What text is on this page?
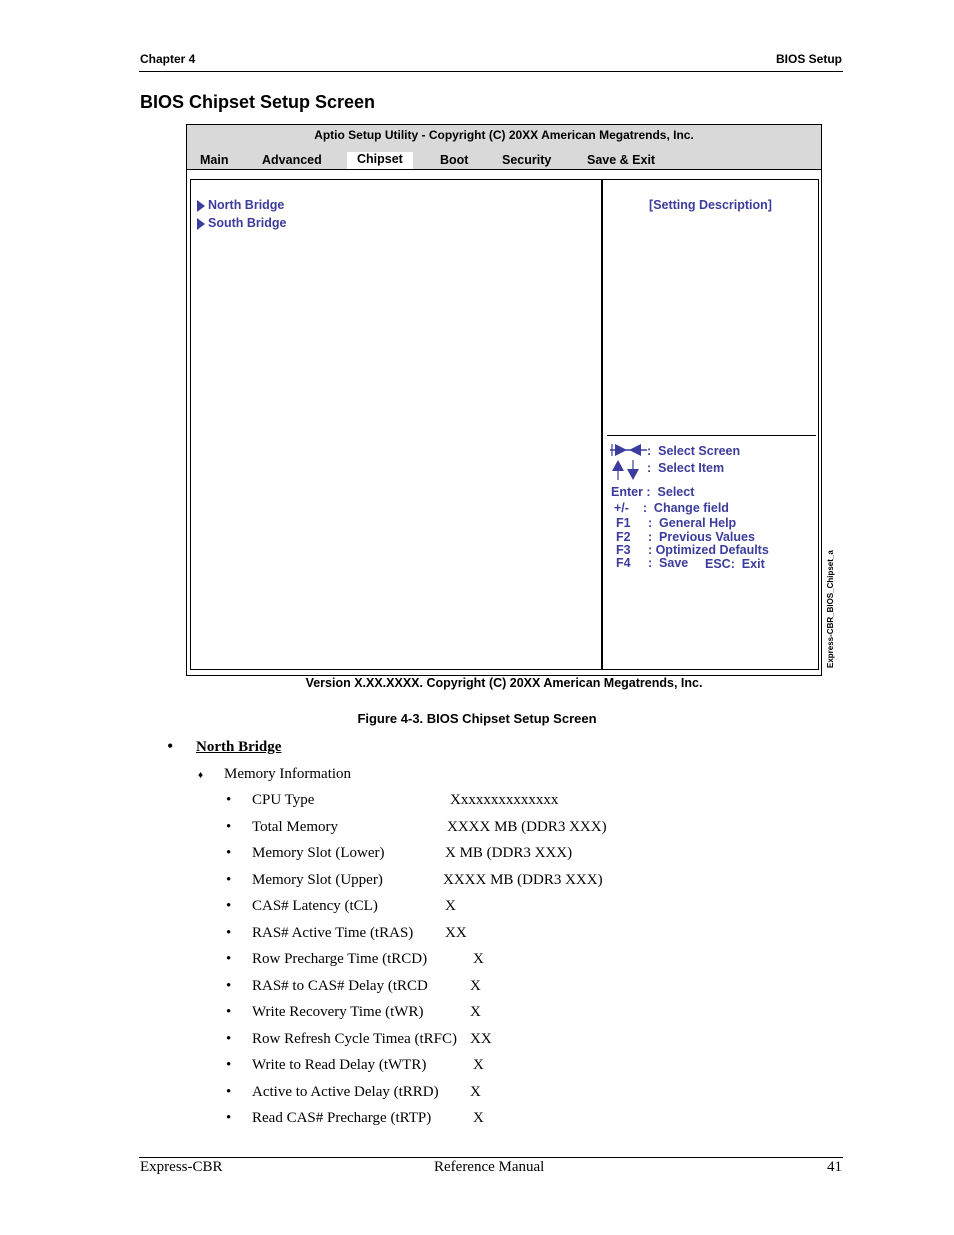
Chapter 4	BIOS Setup
BIOS Chipset Setup Screen
Aptio Setup Utility - Copyright (C) 20XX American Megatrends, Inc.
Main	Advanced	Chipset	Boot	Security	Save & Exit
North Bridge
South Bridge
[Setting Description]
:  Select Screen
:  Select Item
Enter :  Select
+/-    :  Change field
F1     :  General Help
F2     :  Previous Values
F3     : Optimized Defaults
F4     :  Save ESC:  Exit
Version X.XX.XXXX. Copyright (C) 20XX American Megatrends, Inc.
Express-CBR_BIOS_Chipset_a
Figure 4-3. BIOS Chipset Setup Screen
• North Bridge
♦ Memory Information
• CPU Type	Xxxxxxxxxxxxxx
• Total Memory	XXXX MB (DDR3 XXX)
• Memory Slot (Lower)	X MB (DDR3 XXX)
• Memory Slot (Upper)	XXXX MB (DDR3 XXX)
• CAS# Latency (tCL)	X
• RAS# Active Time (tRAS) XX
• Row Precharge Time (tRCD)	X
• RAS# to CAS# Delay (tRCD	X
• Write Recovery Time (tWR)	X
• Row Refresh Cycle Timea (tRFC) XX
• Write to Read Delay (tWTR)	X
• Active to Active Delay (tRRD) X
• Read CAS# Precharge (tRTP)	X
Express-CBR	Reference Manual	41
